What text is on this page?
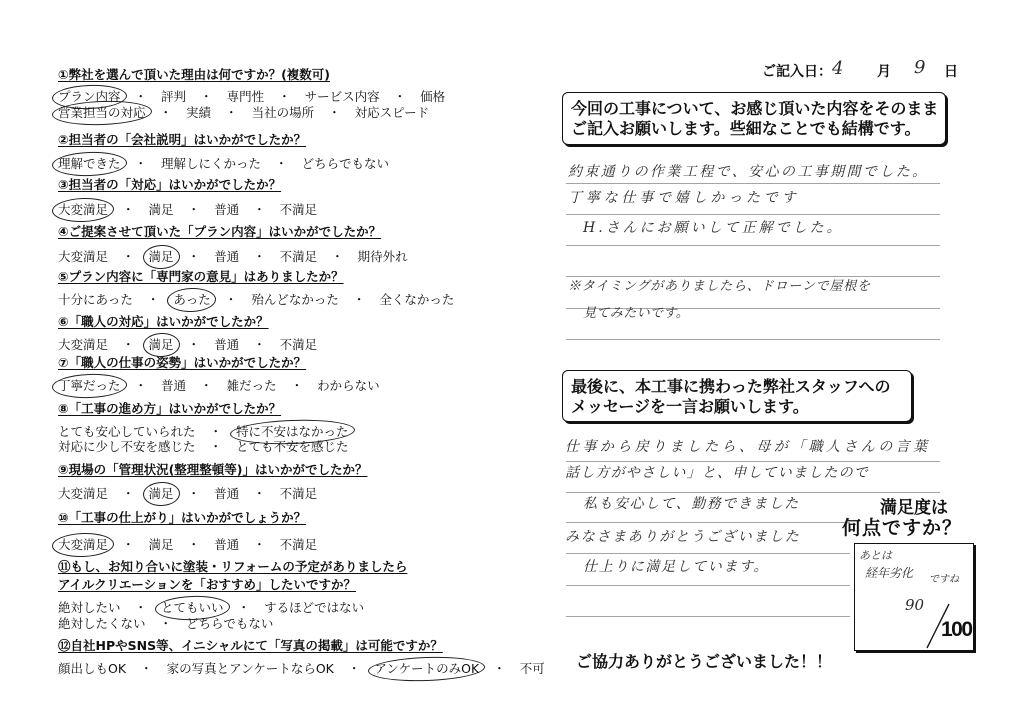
①弊社を選んで頂いた理由は何ですか？(複数可)
プラン内容 ・ 評判 ・ 専門性 ・ サービス内容 ・ 価格
営業担当の対応 ・ 実績 ・ 当社の場所 ・ 対応スピード
②担当者の「会社説明」はいかがでしたか？
理解できた ・ 理解しにくかった ・ どちらでもない
③担当者の「対応」はいかがでしたか？
大変満足 ・ 満足 ・ 普通 ・ 不満足
④ご提案させて頂いた「プラン内容」はいかがでしたか？
大変満足 ・ 満足 ・ 普通 ・ 不満足 ・ 期待外れ
⑤プラン内容に「専門家の意見」はありましたか？
十分にあった ・ あった ・ 殆んどなかった ・ 全くなかった
⑥「職人の対応」はいかがでしたか？
大変満足 ・ 満足 ・ 普通 ・ 不満足
⑦「職人の仕事の姿勢」はいかがでしたか？
丁寧だった ・ 普通 ・ 雑だった ・ わからない
⑧「工事の進め方」はいかがでしたか？
とても安心していられた ・ 特に不安はなかった
対応に少し不安を感じた ・ とても不安を感じた
⑨現場の「管理状況(整理整頓等)」はいかがでしたか？
大変満足 ・ 満足 ・ 普通 ・ 不満足
⑩「工事の仕上がり」はいかがでしょうか？
大変満足 ・ 満足 ・ 普通 ・ 不満足
⑪もし、お知り合いに塗装・リフォームの予定がありましたら
アイルクリエーションを「おすすめ」したいですか？
絶対したい ・ とてもいい ・ するほどではない
絶対したくない ・ どちらでもない
⑫自社HPやSNS等、イニシャルにて「写真の掲載」は可能ですか？
顔出しもOK ・ 家の写真とアンケートならOK ・ アンケートのみOK ・ 不可
ご記入日： 4 月 9 日
今回の工事について、お感じ頂いた内容をそのまま
ご記入お願いします。些細なことでも結構です。
最後に、本工事に携わった弊社スタッフへの
メッセージを一言お願いします。
約束通りの作業工程で、安心の工事期間でした。
丁寧な仕事で嬉しかったです
H.さんにお願いして正解でした。
※タイミングがありましたら、ドローンで屋根を
見てみたいです。
仕事から戻りましたら、母が「職人さんの言葉
話し方がやさしい」と、申していましたので
私も安心して、勤務できました
みなさまありがとうございました
仕上りに満足しています。
満足度は
何点ですか？
あとは
経年劣化 ですね
90
100
ご協力ありがとうございました！！
